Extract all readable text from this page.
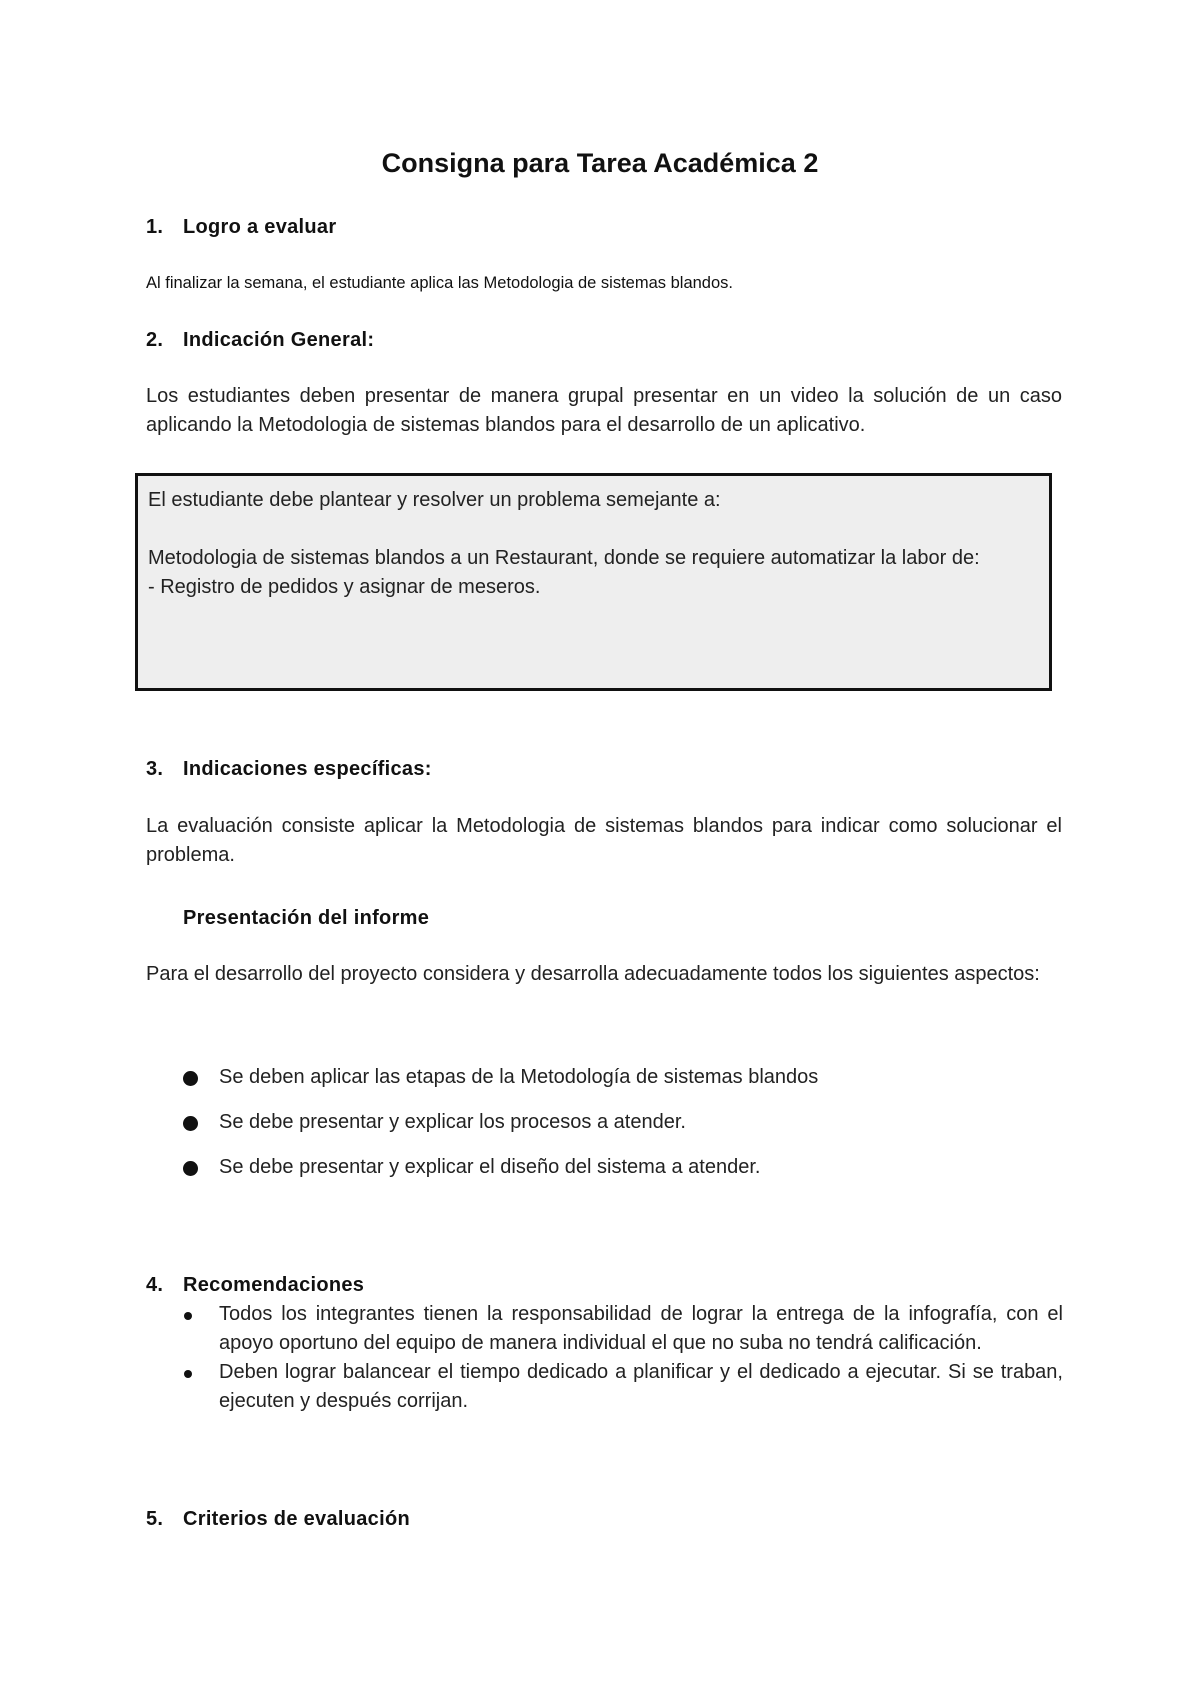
Consigna para Tarea Académica 2
1. Logro a evaluar
Al finalizar la semana, el estudiante aplica las Metodologia de sistemas blandos.
2. Indicación General:
Los estudiantes deben presentar de manera grupal presentar en un video la solución de un caso aplicando la Metodologia de sistemas blandos para el desarrollo de un aplicativo.
El estudiante debe plantear y resolver un problema semejante a:
Metodologia de sistemas blandos a un Restaurant, donde se requiere automatizar la labor de:
- Registro de pedidos y asignar de meseros.
3. Indicaciones específicas:
La evaluación consiste aplicar la Metodologia de sistemas blandos para indicar como solucionar el problema.
Presentación del informe
Para el desarrollo del proyecto considera y desarrolla adecuadamente todos los siguientes aspectos:
Se deben aplicar las etapas de la Metodología de sistemas blandos
Se debe presentar y explicar los procesos a atender.
Se debe presentar y explicar el diseño del sistema a atender.
4. Recomendaciones
Todos los integrantes tienen la responsabilidad de lograr la entrega de la infografía, con el apoyo oportuno del equipo de manera individual el que no suba no tendrá calificación.
Deben lograr balancear el tiempo dedicado a planificar y el dedicado a ejecutar. Si se traban, ejecuten y después corrijan.
5. Criterios de evaluación
